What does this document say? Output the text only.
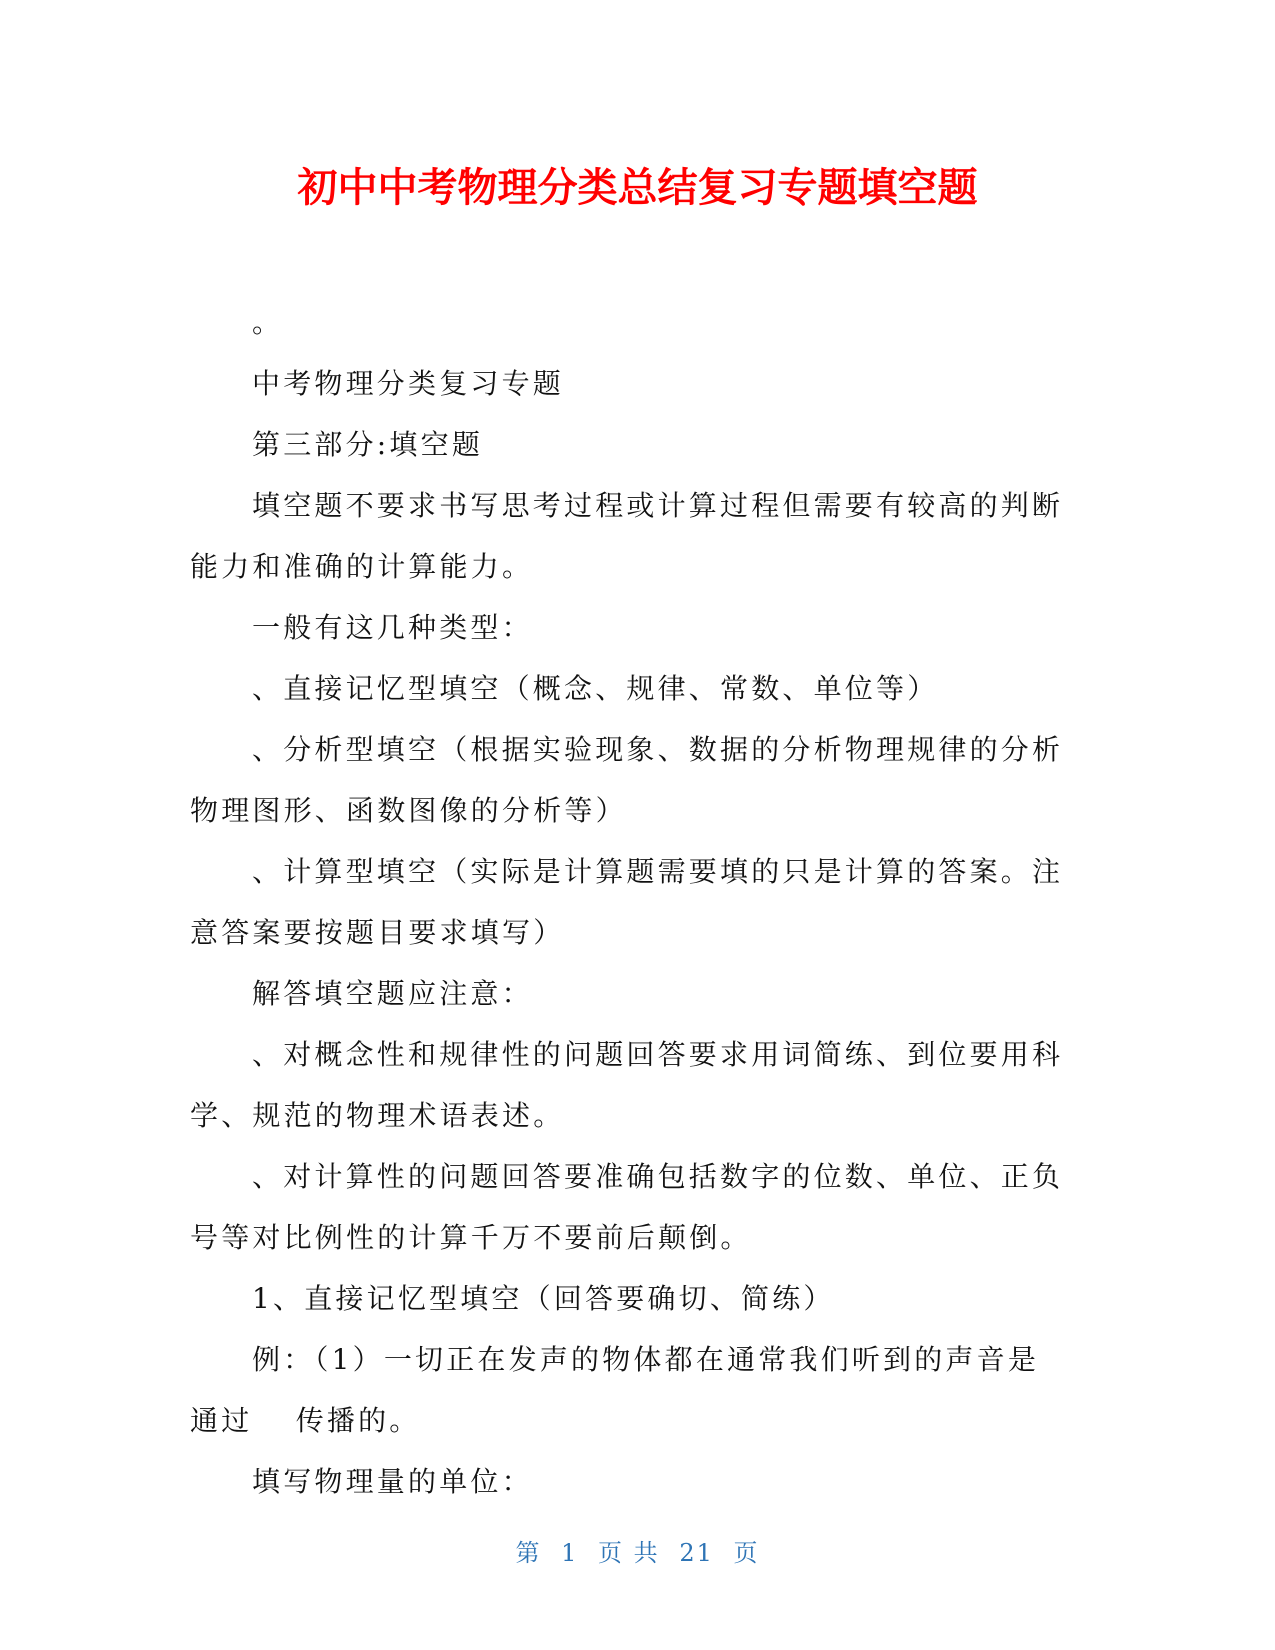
初中中考物理分类总结复习专题填空题

。

中考物理分类复习专题

第三部分:填空题

填空题不要求书写思考过程或计算过程但需要有较高的判断能力和准确的计算能力。

一般有这几种类型：

、直接记忆型填空（概念、规律、常数、单位等）

、分析型填空（根据实验现象、数据的分析物理规律的分析物理图形、函数图像的分析等）

、计算型填空（实际是计算题需要填的只是计算的答案。注意答案要按题目要求填写）

解答填空题应注意：

、对概念性和规律性的问题回答要求用词简练、到位要用科学、规范的物理术语表述。

、对计算性的问题回答要准确包括数字的位数、单位、正负号等对比例性的计算千万不要前后颠倒。

1、直接记忆型填空（回答要确切、简练）

例：（1）一切正在发声的物体都在通常我们听到的声音是通过　 传播的。

填写物理量的单位：

第 1 页 共 21 页
